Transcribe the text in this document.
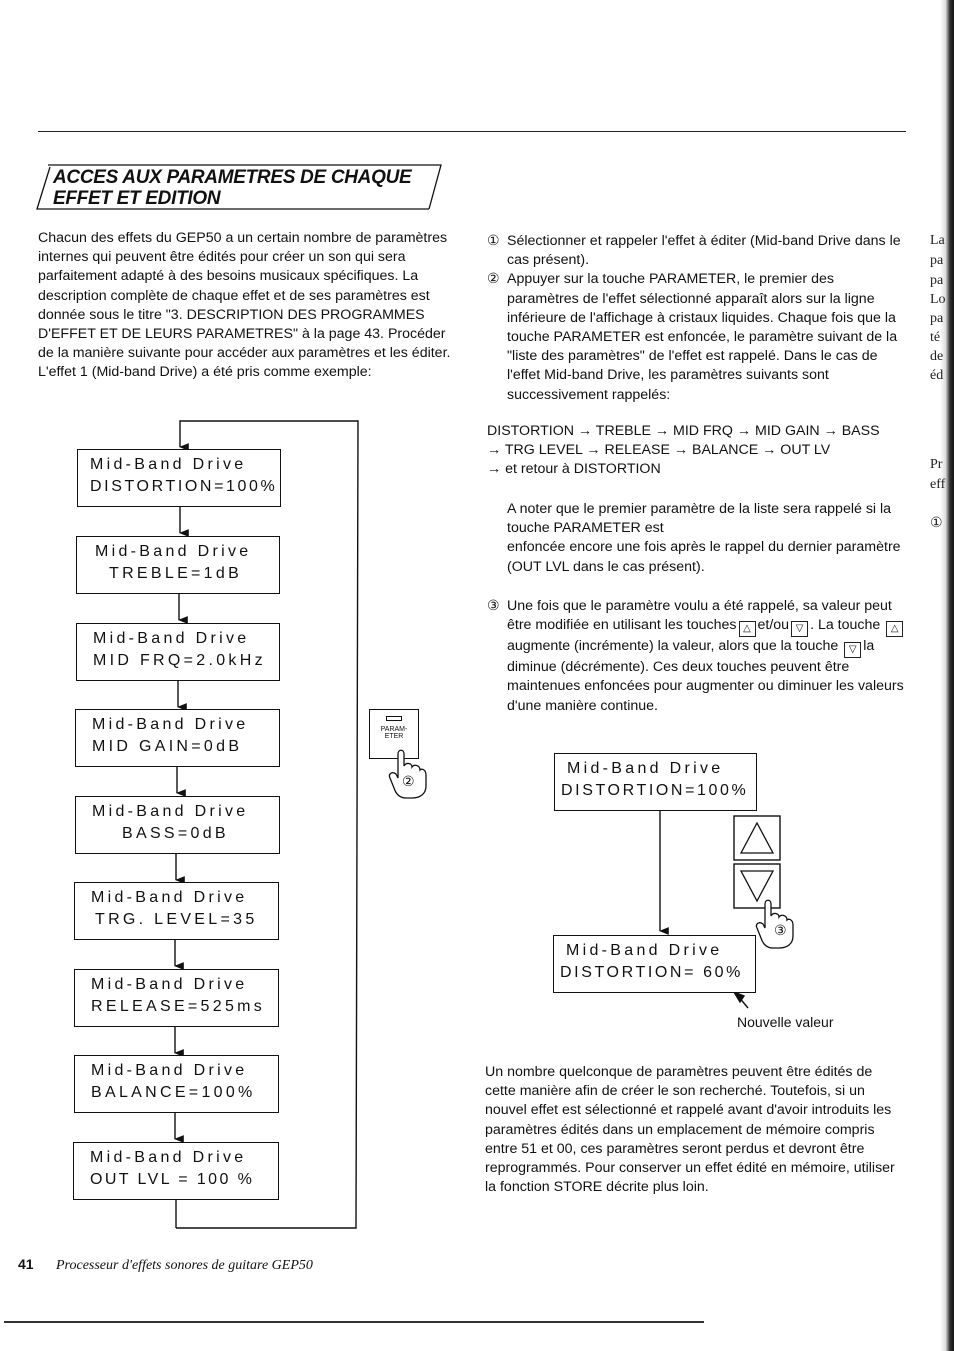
La
pa
pa
Lo
pa
té
de
éd
Pr
eff
①
ACCES AUX PARAMETRES DE CHAQUE
EFFET ET EDITION
Chacun des effets du GEP50 a un certain nombre de paramètres internes qui peuvent être édités pour créer un son qui sera parfaitement adapté à des besoins musicaux spécifiques. La description complète de chaque effet et de ses paramètres est donnée sous le titre "3. DESCRIPTION DES PROGRAMMES D'EFFET ET DE LEURS PARAMETRES" à la page 43. Procéder de la manière suivante pour accéder aux paramètres et les éditer. L'effet 1 (Mid-band Drive) a été pris comme exemple:
Mid-Band Drive
DISTORTION=100%
Mid-Band Drive
TREBLE=1dB
Mid-Band Drive
MID FRQ=2.0kHz
Mid-Band Drive
MID GAIN=0dB
Mid-Band Drive
BASS=0dB
Mid-Band Drive
TRG. LEVEL=35
Mid-Band Drive
RELEASE=525ms
Mid-Band Drive
BALANCE=100%
Mid-Band Drive
OUT LVL = 100 %
PARAM-
ETER
②
① Sélectionner et rappeler l'effet à éditer (Mid-band Drive dans le cas présent).
② Appuyer sur la touche PARAMETER, le premier des paramètres de l'effet sélectionné apparaît alors sur la ligne inférieure de l'affichage à cristaux liquides. Chaque fois que la touche PARAMETER est enfoncée, le paramètre suivant de la "liste des paramètres" de l'effet est rappelé. Dans le cas de l'effet Mid-band Drive, les paramètres suivants sont successivement rappelés:
DISTORTION → TREBLE → MID FRQ → MID GAIN → BASS
→ TRG LEVEL → RELEASE → BALANCE → OUT LV
→ et retour à DISTORTION
A noter que le premier paramètre de la liste sera rappelé si la touche PARAMETER est
enfoncée encore une fois après le rappel du dernier paramètre (OUT LVL dans le cas présent).
③ Une fois que le paramètre voulu a été rappelé, sa valeur peut être modifiée en utilisant les touches △ et/ou ▽ . La touche △augmente (incrémente) la valeur, alors que la touche ▽ la diminue (décrémente). Ces deux touches peuvent être maintenues enfoncées pour augmenter ou diminuer les valeurs d'une manière continue.
Mid-Band Drive
DISTORTION=100%
③
Mid-Band Drive
DISTORTION= 60%
Nouvelle valeur
Un nombre quelconque de paramètres peuvent être édités de cette manière afin de créer le son recherché. Toutefois, si un nouvel effet est sélectionné et rappelé avant d'avoir introduits les paramètres édités dans un emplacement de mémoire compris entre 51 et 00, ces paramètres seront perdus et devront être reprogrammés. Pour conserver un effet édité en mémoire, utiliser la fonction STORE décrite plus loin.
41 Processeur d'effets sonores de guitare GEP50
